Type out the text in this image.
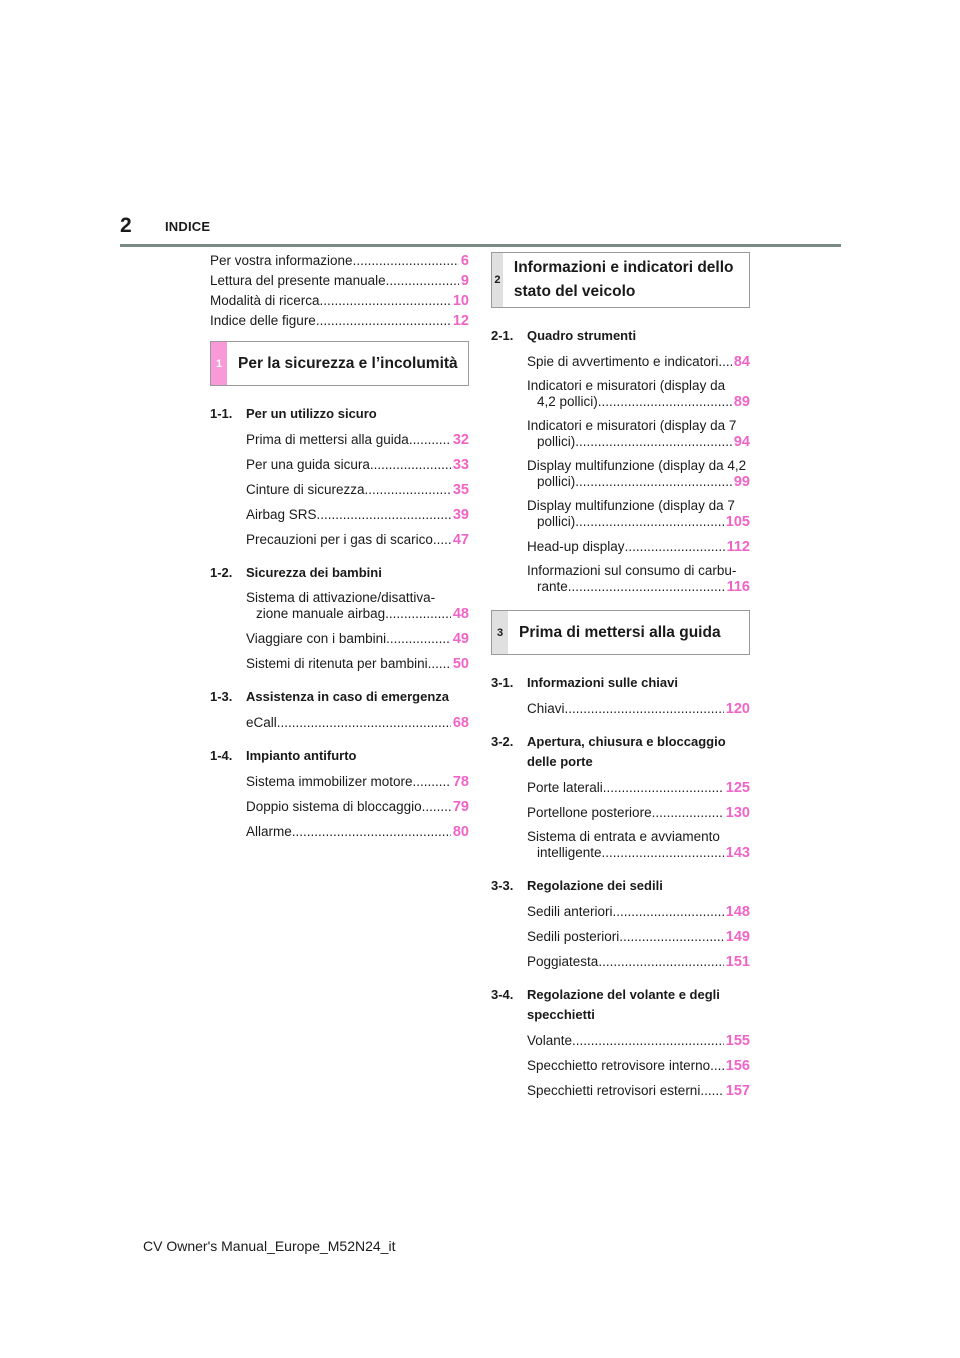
2	INDICE
Per vostra informazione .....	6
Lettura del presente manuale .....	9
Modalità di ricerca .....	10
Indice delle figure .....	12
1	Per la sicurezza e l’incolumità
1-1.	Per un utilizzo sicuro
Prima di mettersi alla guida .....	32
Per una guida sicura .....	33
Cinture di sicurezza .....	35
Airbag SRS .....	39
Precauzioni per i gas di scarico ..... 47
1-2.	Sicurezza dei bambini
Sistema di attivazione/disattiva-
zione manuale airbag .....	48
Viaggiare con i bambini .....	49
Sistemi di ritenuta per bambini ..... 50
1-3.	Assistenza in caso di emergenza
eCall .....	68
1-4.	Impianto antifurto
Sistema immobilizer motore .....	78
Doppio sistema di bloccaggio ..... 79
Allarme .....	80
2
Informazioni e indicatori dello stato del veicolo
2-1.	Quadro strumenti
Spie di avvertimento e indicatori ..... 84
Indicatori e misuratori (display da
4,2 pollici) .....	89
Indicatori e misuratori (display da 7
pollici) .....	94
Display multifunzione (display da 4,2
pollici) .....	99
Display multifunzione (display da 7
pollici) .....	105
Head-up display .....	112
Informazioni sul consumo di carbu-
rante .....	116
3	Prima di mettersi alla guida
3-1.	Informazioni sulle chiavi
Chiavi .....	120
3-2.	Apertura, chiusura e bloccaggio delle porte
Porte laterali .....	125
Portellone posteriore .....	130
Sistema di entrata e avviamento
intelligente .....	143
3-3.	Regolazione dei sedili
Sedili anteriori .....	148
Sedili posteriori .....	149
Poggiatesta .....	151
3-4.	Regolazione del volante e degli specchietti
Volante .....	155
Specchietto retrovisore interno ..... 156
Specchietti retrovisori esterni ..... 157
CV Owner's Manual_Europe_M52N24_it
